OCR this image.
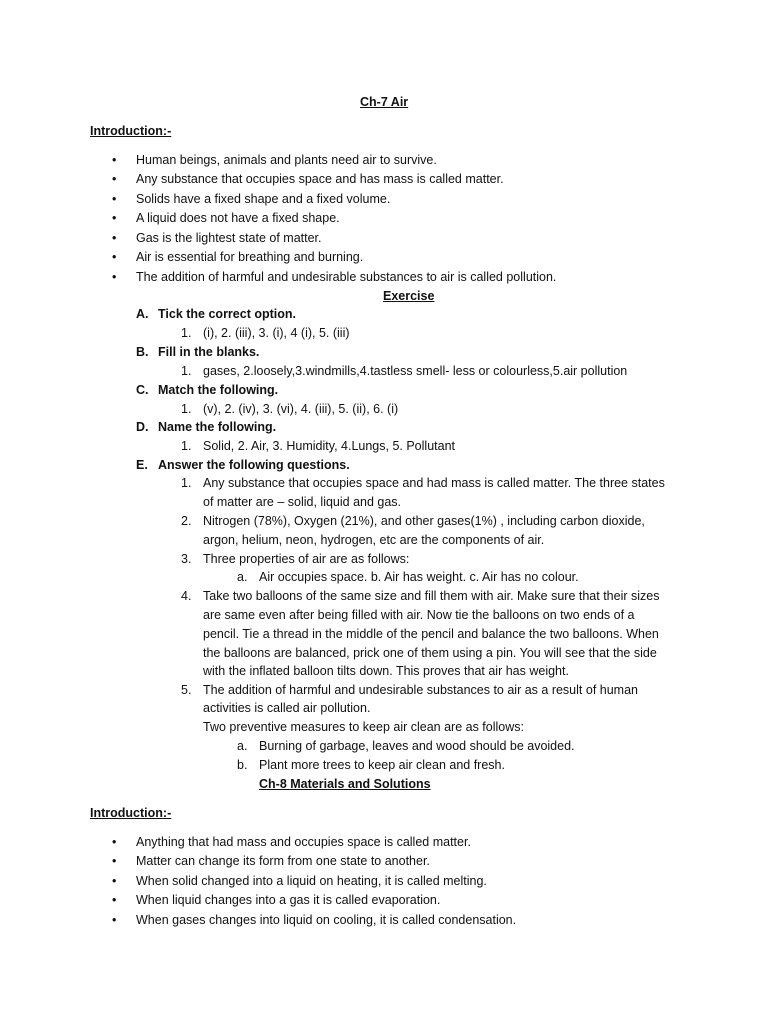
Ch-7 Air
Introduction:-
• Human beings, animals and plants need air to survive.
• Any substance that occupies space and has mass is called matter.
• Solids have a fixed shape and a fixed volume.
• A liquid does not have a fixed shape.
• Gas is the lightest state of matter.
• Air is essential for breathing and burning.
• The addition of harmful and undesirable substances to air is called pollution.
Exercise
A. Tick the correct option.
1. (i), 2. (iii), 3. (i), 4 (i), 5. (iii)
B. Fill in the blanks.
1. gases, 2.loosely,3.windmills,4.tastless smell- less or colourless,5.air pollution
C. Match the following.
1. (v), 2. (iv), 3. (vi), 4. (iii), 5. (ii), 6. (i)
D. Name the following.
1. Solid, 2. Air, 3. Humidity, 4.Lungs, 5. Pollutant
E. Answer the following questions.
1. Any substance that occupies space and had mass is called matter. The three states
of matter are – solid, liquid and gas.
2. Nitrogen (78%), Oxygen (21%), and other gases(1%) , including carbon dioxide,
argon, helium, neon, hydrogen, etc are the components of air.
3. Three properties of air are as follows:
a. Air occupies space. b. Air has weight. c. Air has no colour.
4. Take two balloons of the same size and fill them with air. Make sure that their sizes
are same even after being filled with air. Now tie the balloons on two ends of a
pencil. Tie a thread in the middle of the pencil and balance the two balloons. When
the balloons are balanced, prick one of them using a pin. You will see that the side
with the inflated balloon tilts down. This proves that air has weight.
5. The addition of harmful and undesirable substances to air as a result of human
activities is called air pollution.
Two preventive measures to keep air clean are as follows:
a. Burning of garbage, leaves and wood should be avoided.
b. Plant more trees to keep air clean and fresh.
Ch-8 Materials and Solutions
Introduction:-
• Anything that had mass and occupies space is called matter.
• Matter can change its form from one state to another.
• When solid changed into a liquid on heating, it is called melting.
• When liquid changes into a gas it is called evaporation.
• When gases changes into liquid on cooling, it is called condensation.
